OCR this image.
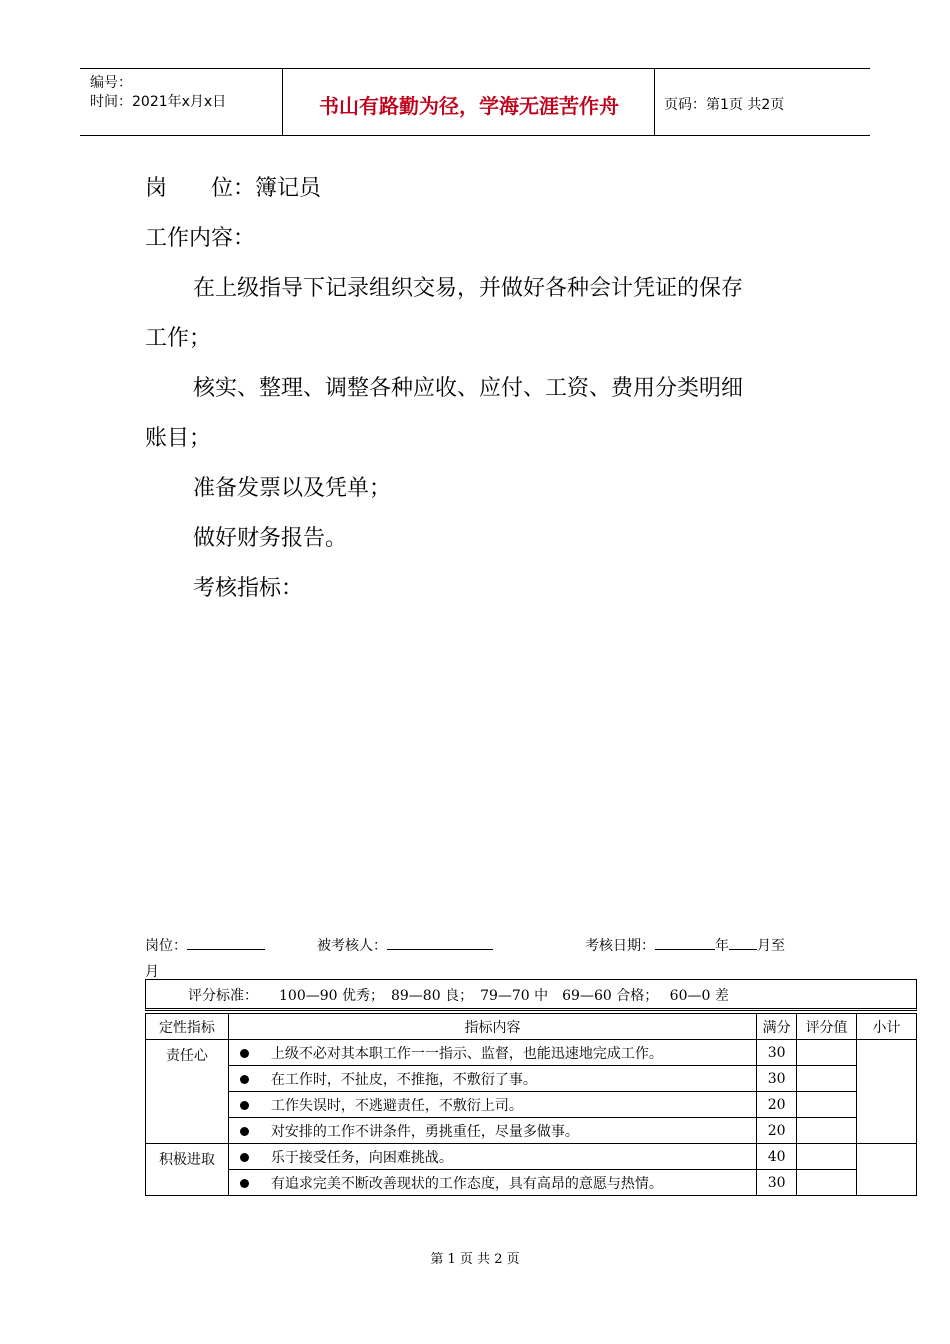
编号：
时间：2021年x月x日	书山有路勤为径，学海无涯苦作舟	页码：第1页 共2页
岗　　位：簿记员
工作内容：
在上级指导下记录组织交易，并做好各种会计凭证的保存
工作；
核实、整理、调整各种应收、应付、工资、费用分类明细
账目；
准备发票以及凭单；
做好财务报告。
考核指标：
岗位：	被考核人：	考核日期：	年 月至
月
评分标准：　　100—90 优秀；　89—80 良；　79—70 中　69—60 合格；　 60—0 差
定性指标	指标内容	满分	评分值	小计
责任心	上级不必对其本职工作一一指示、监督，也能迅速地完成工作。	30		
	在工作时，不扯皮，不推拖，不敷衍了事。	30		
	工作失误时，不逃避责任，不敷衍上司。	20		
	对安排的工作不讲条件，勇挑重任，尽量多做事。	20		
积极进取	乐于接受任务，向困难挑战。	40		
	有追求完美不断改善现状的工作态度，具有高昂的意愿与热情。	30		
第 1 页 共 2 页
